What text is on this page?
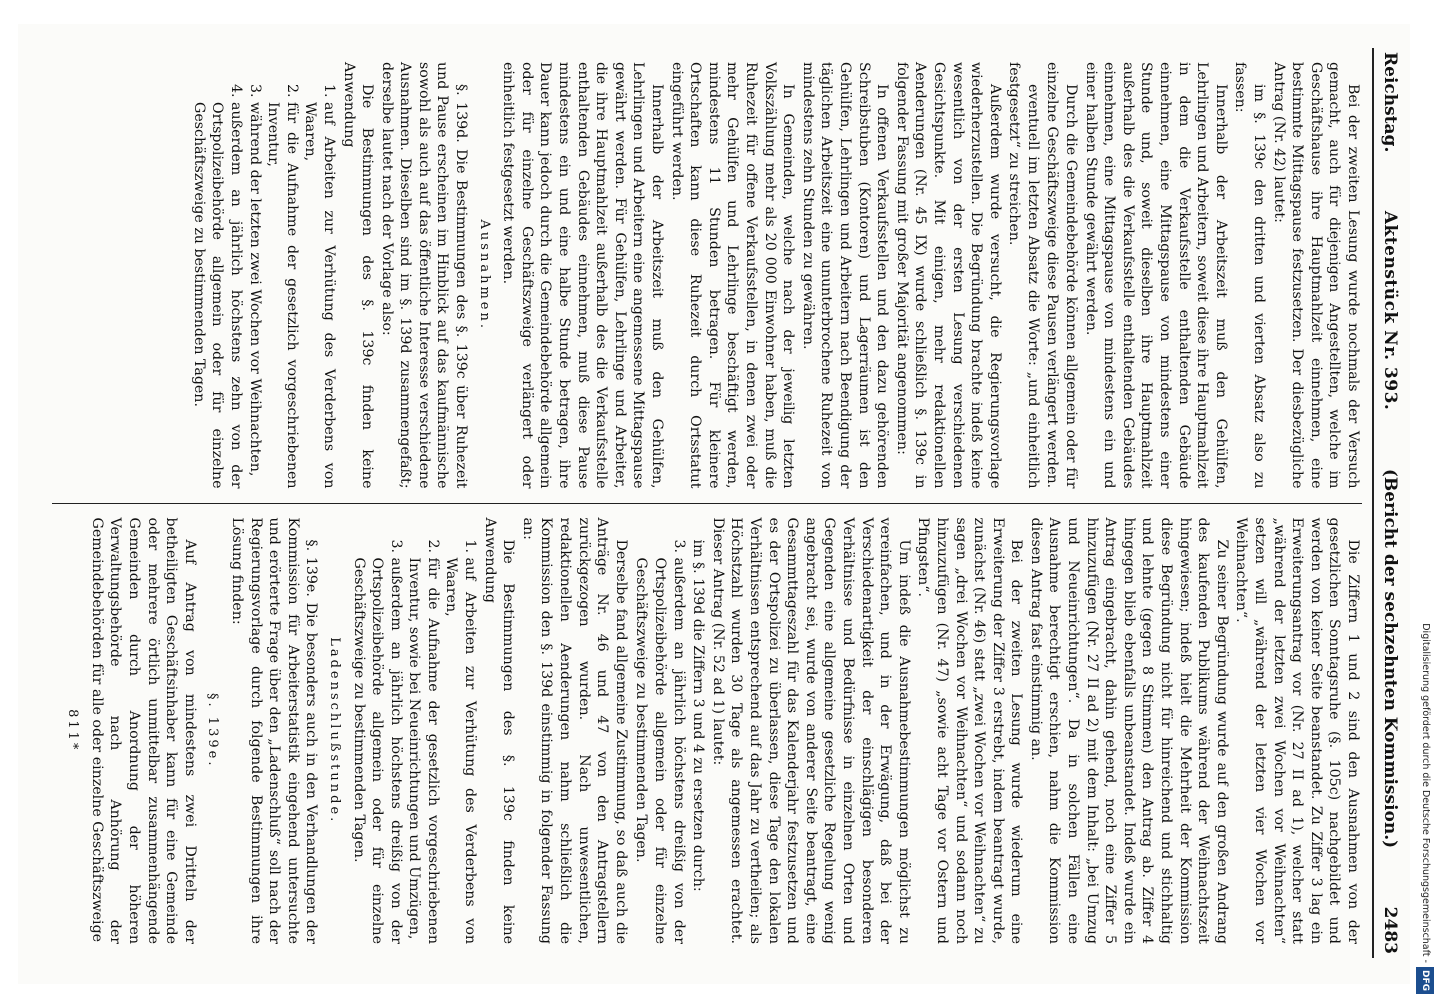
Reichstag.
Aktenstück Nr. 393.
(Bericht der sechzehnten Kommission.)
2483

Bei der zweiten Lesung wurde nochmals der Versuch gemacht, auch für diejenigen Angestellten, welche im Geschäftshause ihre Hauptmahlzeit einnehmen, eine bestimmte Mittagspause festzusetzen. Der diesbezügliche Antrag (Nr. 42) lautet:

im §. 139c den dritten und vierten Absatz also zu fassen:

Innerhalb der Arbeitszeit muß den Gehülfen, Lehrlingen und Arbeitern, soweit diese ihre Hauptmahlzeit in dem die Verkaufsstelle enthaltenden Gebäude einnehmen, eine Mittagspause von mindestens einer Stunde und, soweit dieselben ihre Hauptmahlzeit außerhalb des die Verkaufsstelle enthaltenden Gebäudes einnehmen, eine Mittagspause von mindestens ein und einer halben Stunde gewährt werden.

Durch die Gemeindebehörde können allgemein oder für einzelne Geschäftszweige diese Pausen verlängert werden.

eventuell im letzten Absatz die Worte: „und einheitlich festgesetzt“ zu streichen.

Außerdem wurde versucht, die Regierungsvorlage wiederherzustellen. Die Begründung brachte indeß keine wesentlich von der ersten Lesung verschiedenen Gesichtspunkte. Mit einigen, mehr redaktionellen Aenderungen (Nr. 45 IX) wurde schließlich §. 139c in folgender Fassung mit großer Majorität angenommen:

In offenen Verkaufsstellen und den dazu gehörenden Schreibstuben (Kontoren) und Lagerräumen ist den Gehülfen, Lehrlingen und Arbeitern nach Beendigung der täglichen Arbeitszeit eine ununterbrochene Ruhezeit von mindestens zehn Stunden zu gewähren.

In Gemeinden, welche nach der jeweilig letzten Volkszählung mehr als 20 000 Einwohner haben, muß die Ruhezeit für offene Verkaufsstellen, in denen zwei oder mehr Gehülfen und Lehrlinge beschäftigt werden, mindestens 11 Stunden betragen. Für kleinere Ortschaften kann diese Ruhezeit durch Ortsstatut eingeführt werden.

Innerhalb der Arbeitszeit muß den Gehülfen, Lehrlingen und Arbeitern eine angemessene Mittagspause gewährt werden. Für Gehülfen, Lehrlinge und Arbeiter, die ihre Hauptmahlzeit außerhalb des die Verkaufsstelle enthaltenden Gebäudes einnehmen, muß diese Pause mindestens ein und eine halbe Stunde betragen, ihre Dauer kann jedoch durch die Gemeindebehörde allgemein oder für einzelne Geschäftszweige verlängert oder einheitlich festgesetzt werden.

Ausnahmen.

§. 139d. Die Bestimmungen des §. 139c über Ruhezeit und Pause erscheinen im Hinblick auf das kaufmännische sowohl als auch auf das öffentliche Interesse verschiedene Ausnahmen. Dieselben sind im §. 139d zusammengefaßt; derselbe lautet nach der Vorlage also:

Die Bestimmungen des §. 139c finden keine Anwendung

1. auf Arbeiten zur Verhütung des Verderbens von Waaren,
2. für die Aufnahme der gesetzlich vorgeschriebenen Inventur,
3. während der letzten zwei Wochen vor Weihnachten,
4. außerdem an jährlich höchstens zehn von der Ortspolizeibehörde allgemein oder für einzelne Geschäftszweige zu bestimmenden Tagen.

Die Ziffern 1 und 2 sind den Ausnahmen von der gesetzlichen Sonntagsruhe (§. 105c) nachgebildet und werden von keiner Seite beanstandet. Zu Ziffer 3 lag ein Erweiterungsantrag vor (Nr. 27 II ad 1), welcher statt „während der letzten zwei Wochen vor Weihnachten“ setzen will „während der letzten vier Wochen vor Weihnachten“.

Zu seiner Begründung wurde auf den großen Andrang des kaufenden Publikums während der Weihnachtszeit hingewiesen; indeß hielt die Mehrheit der Kommission diese Begründung nicht für hinreichend und stichhaltig und lehnte (gegen 8 Stimmen) den Antrag ab. Ziffer 4 hingegen blieb ebenfalls unbeanstandet. Indeß wurde ein Antrag eingebracht, dahin gehend, noch eine Ziffer 5 hinzuzufügen (Nr. 27 II ad 2) mit dem Inhalt: „bei Umzug und Neueinrichtungen“. Da in solchen Fällen eine Ausnahme berechtigt erschien, nahm die Kommission diesen Antrag fast einstimmig an.

Bei der zweiten Lesung wurde wiederum eine Erweiterung der Ziffer 3 erstrebt, indem beantragt wurde, zunächst (Nr. 46) statt „zwei Wochen vor Weihnachten“ zu sagen „drei Wochen vor Weihnachten“ und sodann noch hinzuzufügen (Nr. 47) „sowie acht Tage vor Ostern und Pfingsten“.

Um indeß die Ausnahmebestimmungen möglichst zu vereinfachen, und in der Erwägung, daß bei der Verschiedenartigkeit der einschlägigen besonderen Verhältnisse und Bedürfnisse in einzelnen Orten und Gegenden eine allgemeine gesetzliche Regelung wenig angebracht sei, wurde von anderer Seite beantragt, eine Gesammttageszahl für das Kalenderjahr festzusetzen und es der Ortspolizei zu überlassen, diese Tage den lokalen Verhältnissen entsprechend auf das Jahr zu vertheilen; als Höchstzahl wurden 30 Tage als angemessen erachtet. Dieser Antrag (Nr. 52 ad 1) lautet:

im §. 139d die Ziffern 3 und 4 zu ersetzen durch:

3. außerdem an jährlich höchstens dreißig von der Ortspolizeibehörde allgemein oder für einzelne Geschäftszweige zu bestimmenden Tagen.

Derselbe fand allgemeine Zustimmung, so daß auch die Anträge Nr. 46 und 47 von den Antragstellern zurückgezogen wurden. Nach unwesentlichen, redaktionellen Aenderungen nahm schließlich die Kommission den §. 139d einstimmig in folgender Fassung an:

Die Bestimmungen des §. 139c finden keine Anwendung

1. auf Arbeiten zur Verhütung des Verderbens von Waaren,
2. für die Aufnahme der gesetzlich vorgeschriebenen Inventur, sowie bei Neueinrichtungen und Umzügen,
3. außerdem an jährlich höchstens dreißig von der Ortspolizeibehörde allgemein oder für einzelne Geschäftszweige zu bestimmenden Tagen.

Ladenschlußstunde.

§. 139e. Die besonders auch in den Verhandlungen der Kommission für Arbeiterstatistik eingehend untersuchte und erörterte Frage über den „Ladenschluß“ soll nach der Regierungsvorlage durch folgende Bestimmungen ihre Lösung finden:

§. 139e.

Auf Antrag von mindestens zwei Dritteln der betheiligten Geschäftsinhaber kann für eine Gemeinde oder mehrere örtlich unmittelbar zusammenhängende Gemeinden durch Anordnung der höheren Verwaltungsbehörde nach Anhörung der Gemeindebehörden für alle oder einzelne Geschäftszweige

811*	Digitalisierung gefördert durch die Deutsche Forschungsgemeinschaft -DFG
